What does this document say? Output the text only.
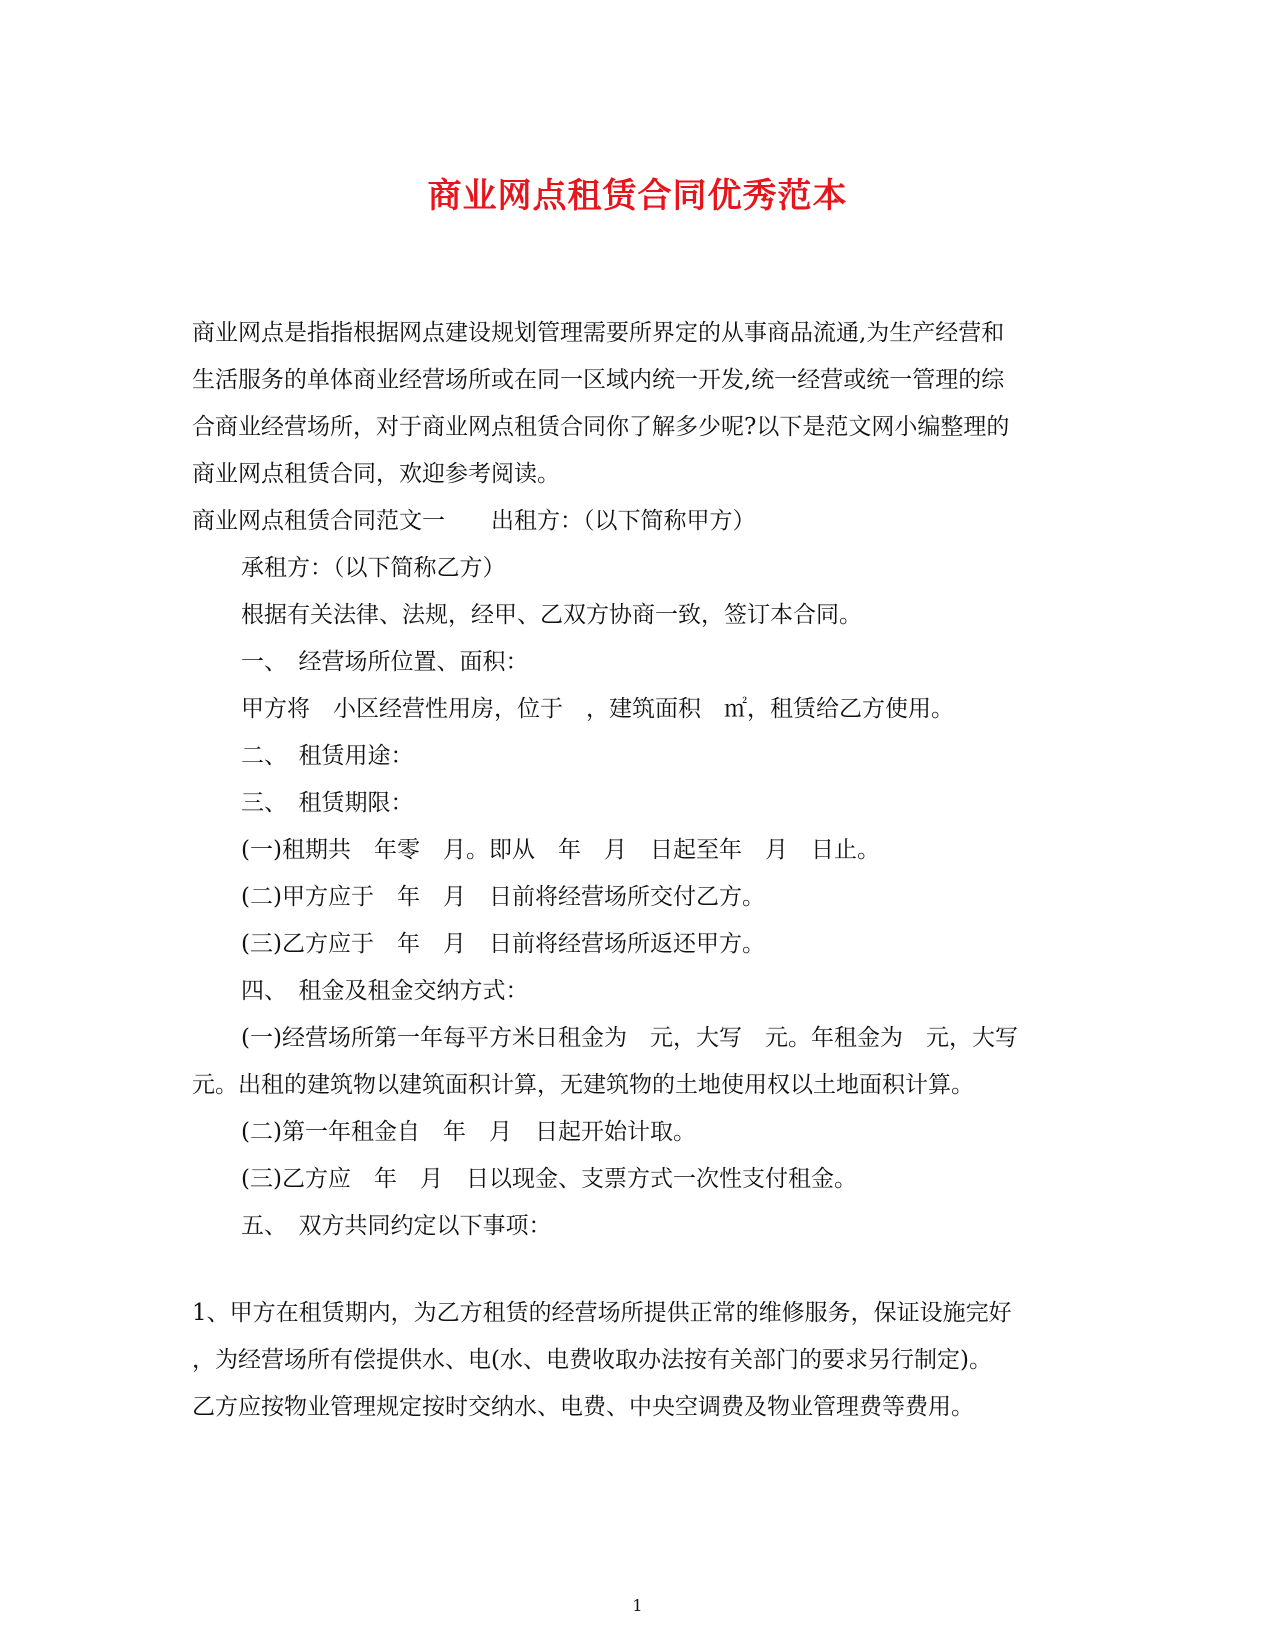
商业网点租赁合同优秀范本
商业网点是指指根据网点建设规划管理需要所界定的从事商品流通,为生产经营和
生活服务的单体商业经营场所或在同一区域内统一开发,统一经营或统一管理的综
合商业经营场所，对于商业网点租赁合同你了解多少呢?以下是范文网小编整理的
商业网点租赁合同，欢迎参考阅读。
商业网点租赁合同范文一　　出租方：（以下简称甲方）
承租方：（以下简称乙方）
根据有关法律、法规，经甲、乙双方协商一致，签订本合同。
一、　经营场所位置、面积：
甲方将　小区经营性用房，位于　，建筑面积　㎡，租赁给乙方使用。
二、　租赁用途：
三、　租赁期限：
(一)租期共　年零　月。即从　年　月　日起至年　月　日止。
(二)甲方应于　年　月　日前将经营场所交付乙方。
(三)乙方应于　年　月　日前将经营场所返还甲方。
四、　租金及租金交纳方式：
(一)经营场所第一年每平方米日租金为　元，大写　元。年租金为　元，大写
元。出租的建筑物以建筑面积计算，无建筑物的土地使用权以土地面积计算。
(二)第一年租金自　年　月　日起开始计取。
(三)乙方应　年　月　日以现金、支票方式一次性支付租金。
五、　双方共同约定以下事项：
1、甲方在租赁期内，为乙方租赁的经营场所提供正常的维修服务，保证设施完好
，为经营场所有偿提供水、电(水、电费收取办法按有关部门的要求另行制定)。
乙方应按物业管理规定按时交纳水、电费、中央空调费及物业管理费等费用。
1
